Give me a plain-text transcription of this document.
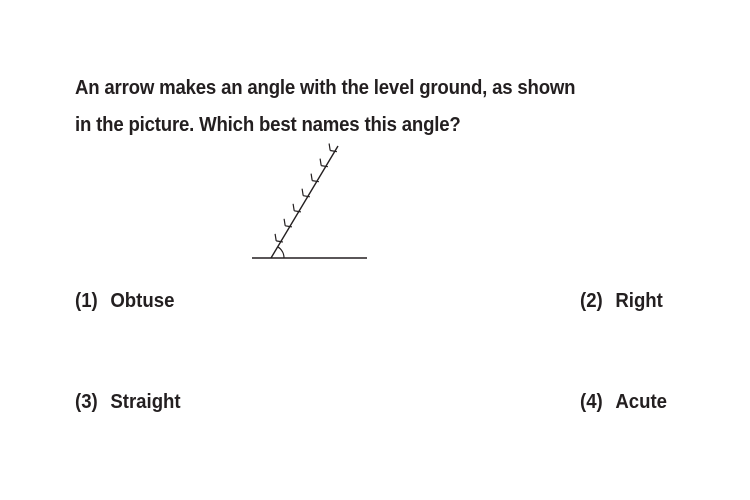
An arrow makes an angle with the level ground, as shown
in the picture. Which best names this angle?
(1) Obtuse	(2) Right
(3) Straight	(4) Acute
